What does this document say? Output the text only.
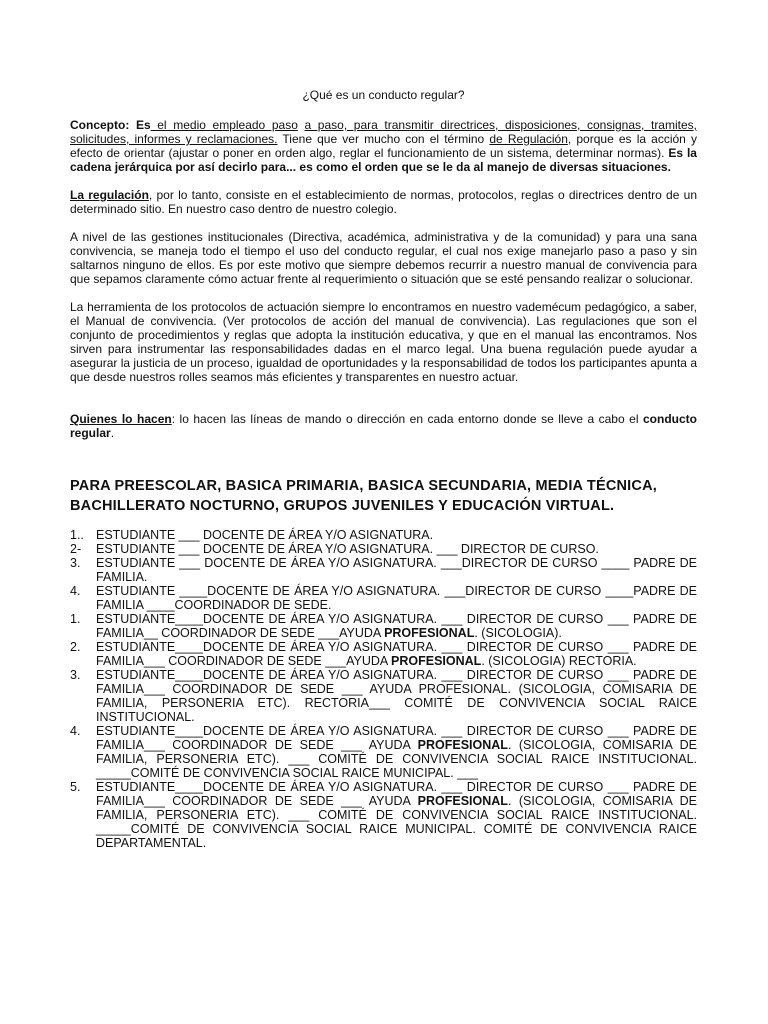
¿Qué es un conducto regular?

Concepto: Es el medio empleado paso a paso, para transmitir directrices, disposiciones, consignas, tramites, solicitudes, informes y reclamaciones. Tiene que ver mucho con el término de Regulación, porque es la acción y efecto de orientar (ajustar o poner en orden algo, reglar el funcionamiento de un sistema, determinar normas). Es la cadena jerárquica por así decirlo para... es como el orden que se le da al manejo de diversas situaciones.

La regulación, por lo tanto, consiste en el establecimiento de normas, protocolos, reglas o directrices dentro de un determinado sitio. En nuestro caso dentro de nuestro colegio.

A nivel de las gestiones institucionales (Directiva, académica, administrativa y de la comunidad) y para una sana convivencia, se maneja todo el tiempo el uso del conducto regular, el cual nos exige manejarlo paso a paso y sin saltarnos ninguno de ellos. Es por este motivo que siempre debemos recurrir a nuestro manual de convivencia para que sepamos claramente cómo actuar frente al requerimiento o situación que se esté pensando realizar o solucionar.

La herramienta de los protocolos de actuación siempre lo encontramos en nuestro vademécum pedagógico, a saber, el Manual de convivencia. (Ver protocolos de acción del manual de convivencia). Las regulaciones que son el conjunto de procedimientos y reglas que adopta la institución educativa, y que en el manual las encontramos. Nos sirven para instrumentar las responsabilidades dadas en el marco legal. Una buena regulación puede ayudar a asegurar la justicia de un proceso, igualdad de oportunidades y la responsabilidad de todos los participantes apunta a que desde nuestros rolles seamos más eficientes y transparentes en nuestro actuar.

Quienes lo hacen: lo hacen las líneas de mando o dirección en cada entorno donde se lleve a cabo el conducto regular.

PARA PREESCOLAR, BASICA PRIMARIA, BASICA SECUNDARIA, MEDIA TÉCNICA, BACHILLERATO NOCTURNO, GRUPOS JUVENILES Y EDUCACIÓN VIRTUAL.
1.. ESTUDIANTE ___ DOCENTE DE ÁREA Y/O ASIGNATURA.
2-	ESTUDIANTE ___ DOCENTE DE ÁREA Y/O ASIGNATURA. ___ DIRECTOR DE CURSO.
3.	ESTUDIANTE ___ DOCENTE DE ÁREA Y/O ASIGNATURA. ___DIRECTOR DE CURSO ____ PADRE DE FAMILIA.
4.	ESTUDIANTE ____DOCENTE DE ÁREA Y/O ASIGNATURA. ___DIRECTOR DE CURSO ____PADRE DE FAMILIA ____COORDINADOR DE SEDE.
1.	ESTUDIANTE____DOCENTE DE ÁREA Y/O ASIGNATURA. ___ DIRECTOR DE CURSO ___ PADRE DE FAMILIA__ COORDINADOR DE SEDE ___AYUDA PROFESIONAL. (SICOLOGIA).
2.	ESTUDIANTE____DOCENTE DE ÁREA Y/O ASIGNATURA. ___ DIRECTOR DE CURSO ___ PADRE DE FAMILIA___ COORDINADOR DE SEDE ___AYUDA PROFESIONAL. (SICOLOGIA) RECTORIA.
3.	ESTUDIANTE____DOCENTE DE ÁREA Y/O ASIGNATURA. ___ DIRECTOR DE CURSO ___ PADRE DE FAMILIA___ COORDINADOR DE SEDE ___ AYUDA PROFESIONAL. (SICOLOGIA, COMISARIA DE FAMILIA, PERSONERIA ETC). RECTORIA___ COMITÉ DE CONVIVENCIA SOCIAL RAICE INSTITUCIONAL.
4.	ESTUDIANTE____DOCENTE DE ÁREA Y/O ASIGNATURA. ___ DIRECTOR DE CURSO ___ PADRE DE FAMILIA___ COORDINADOR DE SEDE ___ AYUDA PROFESIONAL. (SICOLOGIA, COMISARIA DE FAMILIA, PERSONERIA ETC). ___ COMITÉ DE CONVIVENCIA SOCIAL RAICE INSTITUCIONAL. _____COMITÉ DE CONVIVENCIA SOCIAL RAICE MUNICIPAL. ___
5.	ESTUDIANTE____DOCENTE DE ÁREA Y/O ASIGNATURA. ___ DIRECTOR DE CURSO ___ PADRE DE FAMILIA___ COORDINADOR DE SEDE ___ AYUDA PROFESIONAL. (SICOLOGIA, COMISARIA DE FAMILIA, PERSONERIA ETC). ___ COMITÉ DE CONVIVENCIA SOCIAL RAICE INSTITUCIONAL. _____COMITÉ DE CONVIVENCIA SOCIAL RAICE MUNICIPAL. COMITÉ DE CONVIVENCIA RAICE DEPARTAMENTAL.
